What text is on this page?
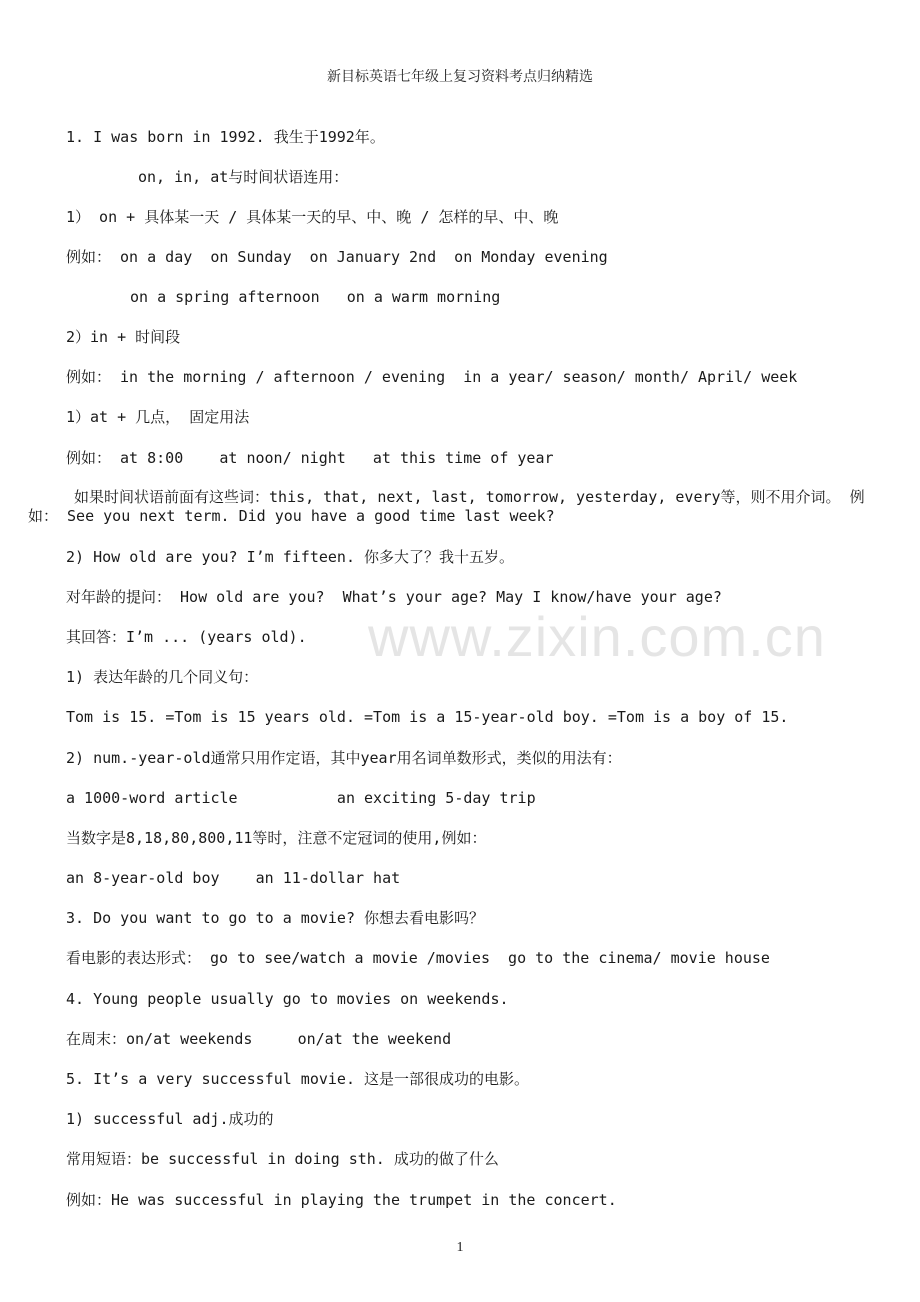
新目标英语七年级上复习资料考点归纳精选
1. I was born in 1992. 我生于1992年。
on, in, at与时间状语连用：
1） on + 具体某一天 / 具体某一天的早、中、晚 / 怎样的早、中、晚
例如： on a day  on Sunday  on January 2nd  on Monday evening
on a spring afternoon   on a warm morning
2）in + 时间段
例如： in the morning / afternoon / evening  in a year/ season/ month/ April/ week
1）at + 几点， 固定用法
例如： at 8:00    at noon/ night   at this time of year
如果时间状语前面有这些词：this, that, next, last, tomorrow, yesterday, every等，则不用介词。 例如： See you next term. Did you have a good time last week?
2) How old are you? I’m fifteen. 你多大了？我十五岁。
对年龄的提问： How old are you?  What’s your age? May I know/have your age?
其回答：I’m ... (years old).
1) 表达年龄的几个同义句：
Tom is 15. =Tom is 15 years old. =Tom is a 15-year-old boy. =Tom is a boy of 15.
2) num.-year-old通常只用作定语，其中year用名词单数形式，类似的用法有：
a 1000-word article           an exciting 5-day trip
当数字是8,18,80,800,11等时，注意不定冠词的使用,例如：
an 8-year-old boy    an 11-dollar hat
3. Do you want to go to a movie? 你想去看电影吗？
看电影的表达形式： go to see/watch a movie /movies  go to the cinema/ movie house
4. Young people usually go to movies on weekends.
在周末：on/at weekends     on/at the weekend
5. It’s a very successful movie. 这是一部很成功的电影。
1) successful adj.成功的
常用短语：be successful in doing sth. 成功的做了什么
例如：He was successful in playing the trumpet in the concert.
www.zixin.com.cn
1
